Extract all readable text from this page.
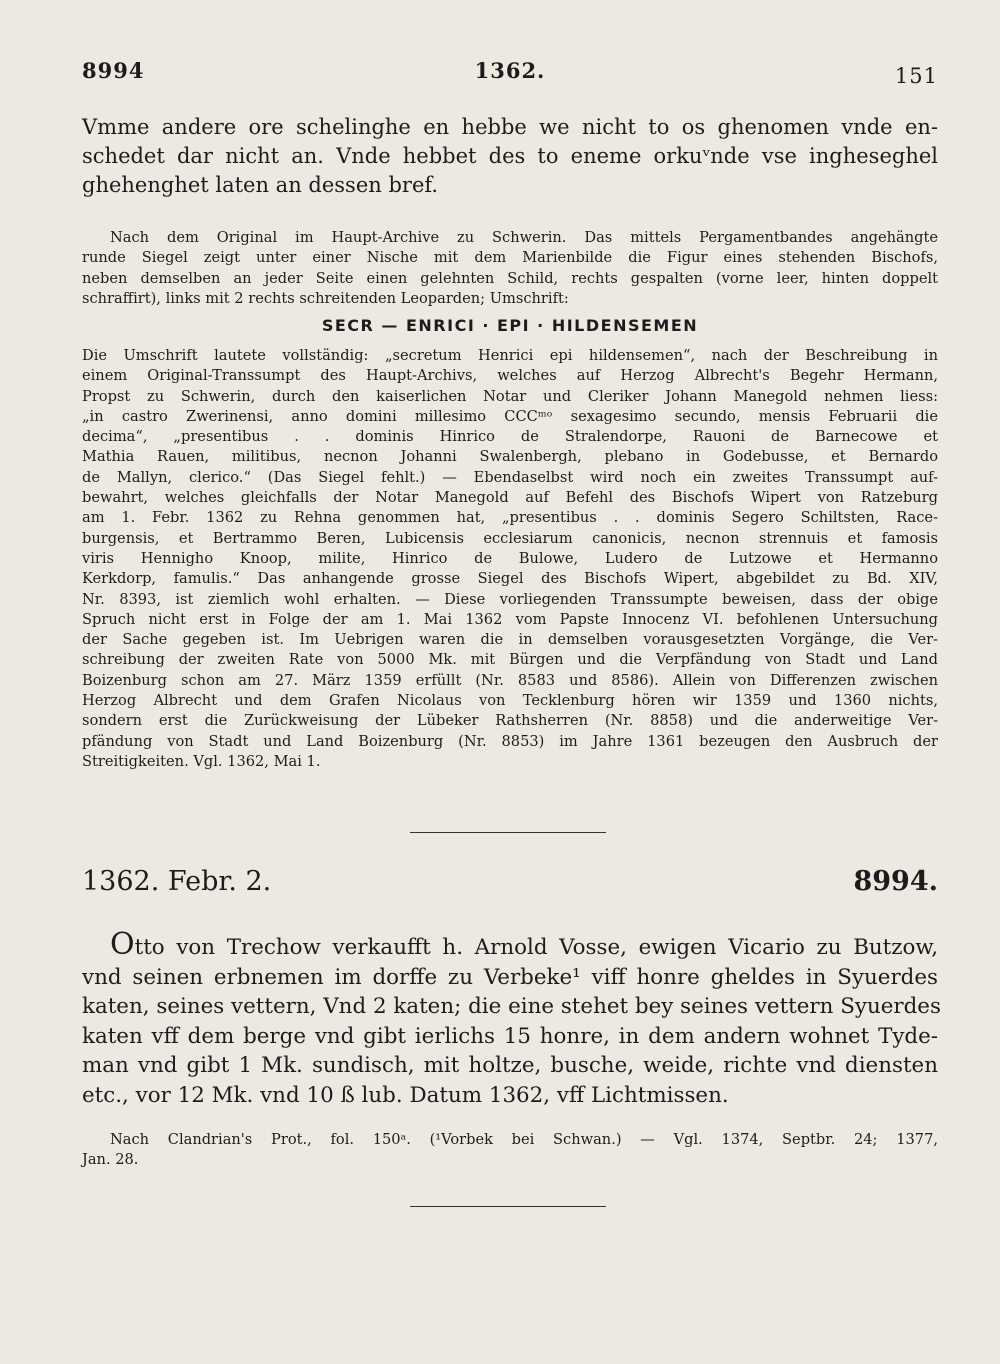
8994	1362.	151
Vmme andere ore schelinghe en hebbe we nicht to os ghenomen vnde en-
schedet dar nicht an. Vnde hebbet des to eneme orkuᵛnde vse ingheseghel
ghehenghet laten an dessen bref.
Nach dem Original im Haupt-Archive zu Schwerin. Das mittels Pergamentbandes angehängte
runde Siegel zeigt unter einer Nische mit dem Marienbilde die Figur eines stehenden Bischofs,
neben demselben an jeder Seite einen gelehnten Schild, rechts gespalten (vorne leer, hinten doppelt
schraffirt), links mit 2 rechts schreitenden Leoparden; Umschrift:
SECR — ENRICI · EPI · HILDENSEMEN
Die Umschrift lautete vollständig: „secretum Henrici epi hildensemen“, nach der Beschreibung in
einem Original-Transsumpt des Haupt-Archivs, welches auf Herzog Albrecht's Begehr Hermann,
Propst zu Schwerin, durch den kaiserlichen Notar und Cleriker Johann Manegold nehmen liess:
„in castro Zwerinensi, anno domini millesimo CCCᵐᵒ sexagesimo secundo, mensis Februarii die
decima“, „presentibus . . dominis Hinrico de Stralendorpe, Rauoni de Barnecowe et
Mathia Rauen, militibus, necnon Johanni Swalenbergh, plebano in Godebusse, et Bernardo
de Mallyn, clerico.“ (Das Siegel fehlt.) — Ebendaselbst wird noch ein zweites Transsumpt auf-
bewahrt, welches gleichfalls der Notar Manegold auf Befehl des Bischofs Wipert von Ratzeburg
am 1. Febr. 1362 zu Rehna genommen hat, „presentibus . . dominis Segero Schiltsten, Race-
burgensis, et Bertrammo Beren, Lubicensis ecclesiarum canonicis, necnon strennuis et famosis
viris Hennigho Knoop, milite, Hinrico de Bulowe, Ludero de Lutzowe et Hermanno
Kerkdorp, famulis.“ Das anhangende grosse Siegel des Bischofs Wipert, abgebildet zu Bd. XIV,
Nr. 8393, ist ziemlich wohl erhalten. — Diese vorliegenden Transsumpte beweisen, dass der obige
Spruch nicht erst in Folge der am 1. Mai 1362 vom Papste Innocenz VI. befohlenen Untersuchung
der Sache gegeben ist. Im Uebrigen waren die in demselben vorausgesetzten Vorgänge, die Ver-
schreibung der zweiten Rate von 5000 Mk. mit Bürgen und die Verpfändung von Stadt und Land
Boizenburg schon am 27. März 1359 erfüllt (Nr. 8583 und 8586). Allein von Differenzen zwischen
Herzog Albrecht und dem Grafen Nicolaus von Tecklenburg hören wir 1359 und 1360 nichts,
sondern erst die Zurückweisung der Lübeker Rathsherren (Nr. 8858) und die anderweitige Ver-
pfändung von Stadt und Land Boizenburg (Nr. 8853) im Jahre 1361 bezeugen den Ausbruch der
Streitigkeiten. Vgl. 1362, Mai 1.
1362. Febr. 2.	8994.
Otto von Trechow verkaufft h. Arnold Vosse, ewigen Vicario zu Butzow,
vnd seinen erbnemen im dorffe zu Verbeke¹ viff honre gheldes in Syuerdes
katen, seines vettern, Vnd 2 katen; die eine stehet bey seines vettern Syuerdes
katen vff dem berge vnd gibt ierlichs 15 honre, in dem andern wohnet Tyde-
man vnd gibt 1 Mk. sundisch, mit holtze, busche, weide, richte vnd diensten
etc., vor 12 Mk. vnd 10 ß lub. Datum 1362, vff Lichtmissen.
Nach Clandrian's Prot., fol. 150ᵃ. (¹Vorbek bei Schwan.) — Vgl. 1374, Septbr. 24; 1377,
Jan. 28.
